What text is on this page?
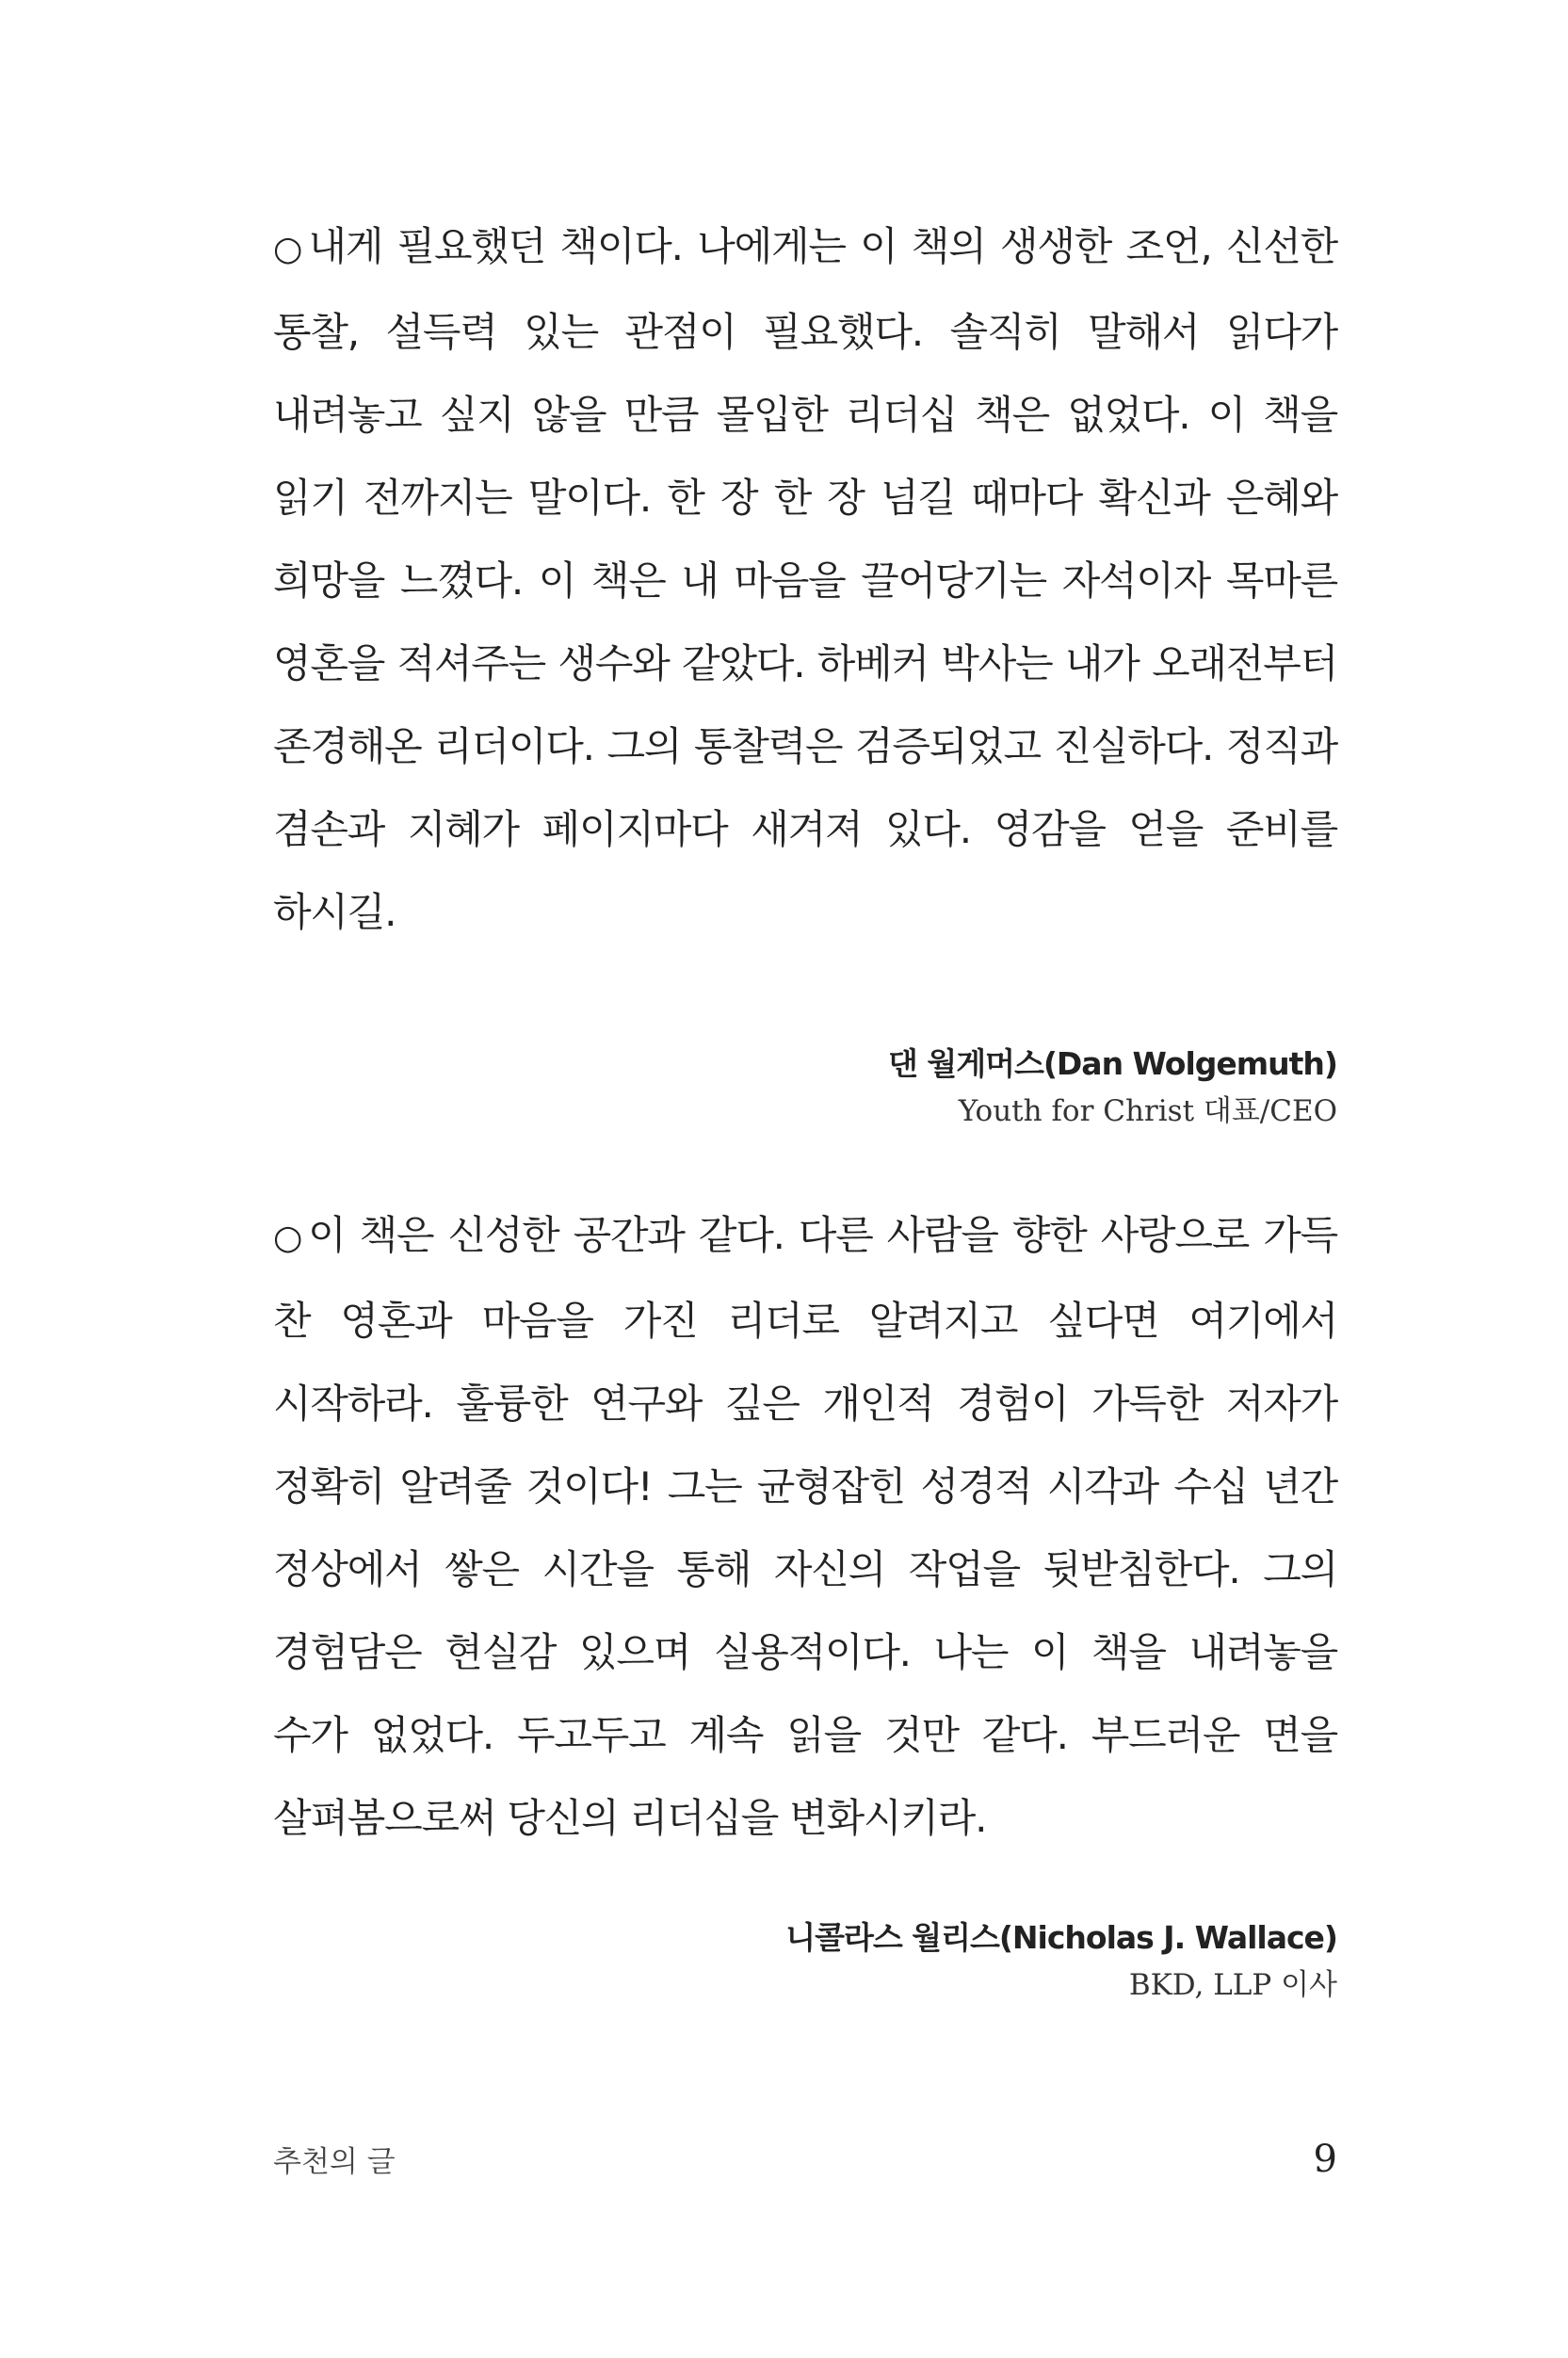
○내게 필요했던 책이다. 나에게는 이 책의 생생한 조언, 신선한 통찰, 설득력 있는 관점이 필요했다. 솔직히 말해서 읽다가 내려놓고 싶지 않을 만큼 몰입한 리더십 책은 없었다. 이 책을 읽기 전까지는 말이다. 한 장 한 장 넘길 때마다 확신과 은혜와 희망을 느꼈다. 이 책은 내 마음을 끌어당기는 자석이자 목마른 영혼을 적셔주는 생수와 같았다. 하베커 박사는 내가 오래전부터 존경해온 리더이다. 그의 통찰력은 검증되었고 진실하다. 정직과 겸손과 지혜가 페이지마다 새겨져 있다. 영감을 얻을 준비를 하시길.

댄 월게머스(Dan Wolgemuth)
Youth for Christ 대표/CEO

○이 책은 신성한 공간과 같다. 다른 사람을 향한 사랑으로 가득 찬 영혼과 마음을 가진 리더로 알려지고 싶다면 여기에서 시작하라. 훌륭한 연구와 깊은 개인적 경험이 가득한 저자가 정확히 알려줄 것이다! 그는 균형잡힌 성경적 시각과 수십 년간 정상에서 쌓은 시간을 통해 자신의 작업을 뒷받침한다. 그의 경험담은 현실감 있으며 실용적이다. 나는 이 책을 내려놓을 수가 없었다. 두고두고 계속 읽을 것만 같다. 부드러운 면을 살펴봄으로써 당신의 리더십을 변화시키라.

니콜라스 월리스(Nicholas J. Wallace)
BKD, LLP 이사
추천의 글	9
